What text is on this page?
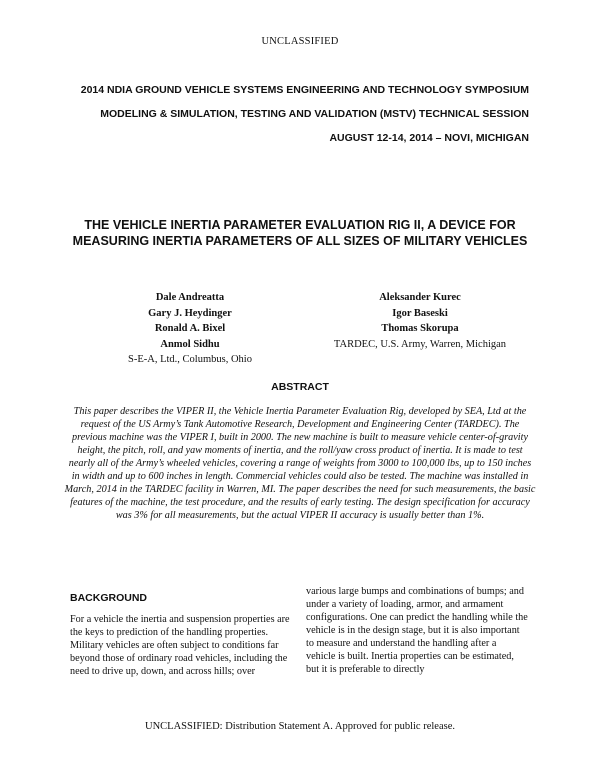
UNCLASSIFIED

2014 NDIA GROUND VEHICLE SYSTEMS ENGINEERING AND TECHNOLOGY SYMPOSIUM

MODELING & SIMULATION, TESTING AND VALIDATION (MSTV) TECHNICAL SESSION

AUGUST 12-14, 2014 – NOVI, MICHIGAN

THE VEHICLE INERTIA PARAMETER EVALUATION RIG II, A DEVICE FOR MEASURING INERTIA PARAMETERS OF ALL SIZES OF MILITARY VEHICLES
Dale Andreatta
Gary J. Heydinger
Ronald A. Bixel
Anmol Sidhu
S-E-A, Ltd., Columbus, Ohio
Aleksander Kurec
Igor Baseski
Thomas Skorupa
TARDEC, U.S. Army, Warren, Michigan
ABSTRACT

This paper describes the VIPER II, the Vehicle Inertia Parameter Evaluation Rig, developed by SEA, Ltd at the request of the US Army’s Tank Automotive Research, Development and Engineering Center (TARDEC). The previous machine was the VIPER I, built in 2000. The new machine is built to measure vehicle center-of-gravity height, the pitch, roll, and yaw moments of inertia, and the roll/yaw cross product of inertia. It is made to test nearly all of the Army’s wheeled vehicles, covering a range of weights from 3000 to 100,000 lbs, up to 150 inches in width and up to 600 inches in length. Commercial vehicles could also be tested. The machine was installed in March, 2014 in the TARDEC facility in Warren, MI. The paper describes the need for such measurements, the basic features of the machine, the test procedure, and the results of early testing. The design specification for accuracy was 3% for all measurements, but the actual VIPER II accuracy is usually better than 1%.

BACKGROUND

For a vehicle the inertia and suspension properties are the keys to prediction of the handling properties. Military vehicles are often subject to conditions far beyond those of ordinary road vehicles, including the need to drive up, down, and across hills; over

various large bumps and combinations of bumps; and under a variety of loading, armor, and armament configurations. One can predict the handling while the vehicle is in the design stage, but it is also important to measure and understand the handling after a vehicle is built. Inertia properties can be estimated, but it is preferable to directly

UNCLASSIFIED: Distribution Statement A. Approved for public release.
